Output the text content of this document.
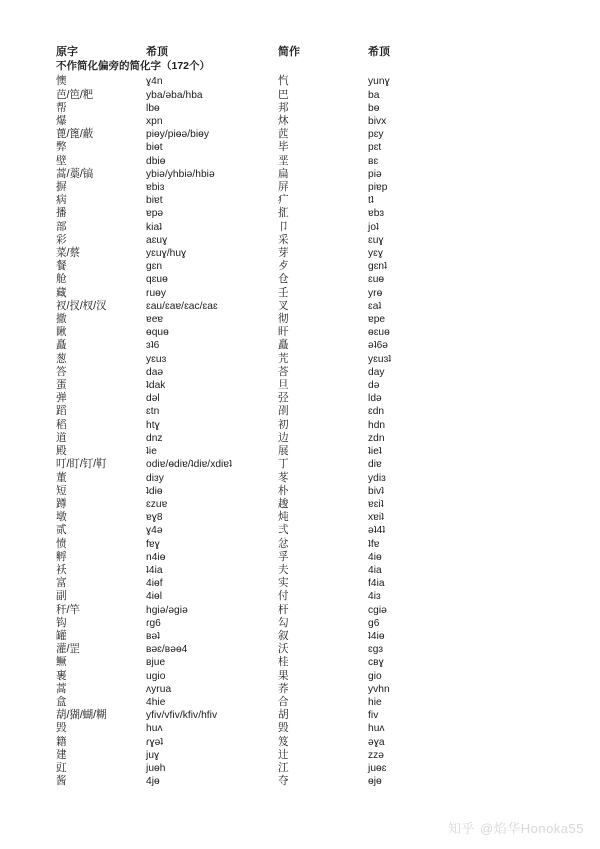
	原字	希顶	简作	希顶
	不作简化偏旁的简化字（172个）			
	懊	ɣ4n	忾	yunɣ
	芭/笆/粑	yba/əba/hba	巴	ba
	帮	lbɵ	邦	bɵ
	爆	xpn	炑	bivx
	蓖/篦/蔽	piɵy/piɵə/biɵy	苉	pɛy
	弊	biɵt	毕	pɛt
	壁	dbiɵ	垩	ʙɛ
	蒿/藁/镐	ybiə/yhbiə/hbiə	扁	piə
	摒	ɐbiɜ	屏	piɐp
	病	biɐt	疒	tʇ
	播	ɐpə	㧟	ɐbɜ
	部	kiaʇ	卩	joʇ
	彩	aɛuɣ	采	ɛuɣ
	菜/蔡	yɛuɣ/huɣ	芽	yɛɣ
	餐	gɛn	歺	gɛnʇ
	舱	qɛuɵ	仓	ɛuɵ
	藏	ruɵy	壬	yrɵ
	衩/扠/杈/汊	ɛau/ɛaɐ/ɛac/ɛaɛ	叉	ɛaʇ
	撤	ɐeɐ	彻	ɐpe
	瞅	ɵquɵ	盰	ɵɛuɵ
	矗	ɜʇ6	矗	əʇ6ə
	葱	yɛuɜ	苀	yɛuɜʇ
	答	daə	荅	day
	蛋	ʇdak	旦	də
	弹	dəl	弪	ldə
	蹈	ɛtn	刟	ɛdn
	稻	htɣ	初	hdn
	道	dnz	边	zdn
	殿	ʇie	展	ʇieʇ
	叮/盯/钉/靪	odiɐ/ɵdiɐ/ʇdiɐ/xdiɐʇ	丁	diɐ
	董	diɜy	苳	ydiɜ
	短	ʇdiɵ	朴	bivʇ
	蹲	ɛzuɐ	䞭	ɐɛiʇ
	墩	ɐɣ8	炖	xɐiʇ
	贰	ɣ4ə	弍	əʇ4ʇ
	愤	fɐɣ	忿	ʇfɐ
	孵	n4iɵ	孚	4iɵ
	袄	ʇ4ia	夫	4ia
	富	4iɵf	实	f4ia
	副	4iɵl	付	4iɜ
	秆/竿	hgiə/əgiə	杆	cgiə
	钩	ɾg6	勾	g6
	罐	ʙəʇ	叙	ʇ4iɵ
	灌/罡	ʙəɛ/ʙəɵ4	沃	ɛgɜ
	鳜	ʙjue	桂	cʙɣ
	裹	ugio	果	gio
	蒿	ʌyrua	荞	yvhn
	盒	4hie	合	hie
	葫/猢/蝴/糊	yfiv/vfiv/kfiv/hfiv	胡	fiv
	毁	huʌ	毁	huʌ
	籍	ɾɣəʇ	笈	əɣa
	建	juɣ	辻	zzə
	豇	juɵh	江	juɵɛ
	酱	4jɵ	夺	ɵjɵ
知乎 @焰华Honoka55
